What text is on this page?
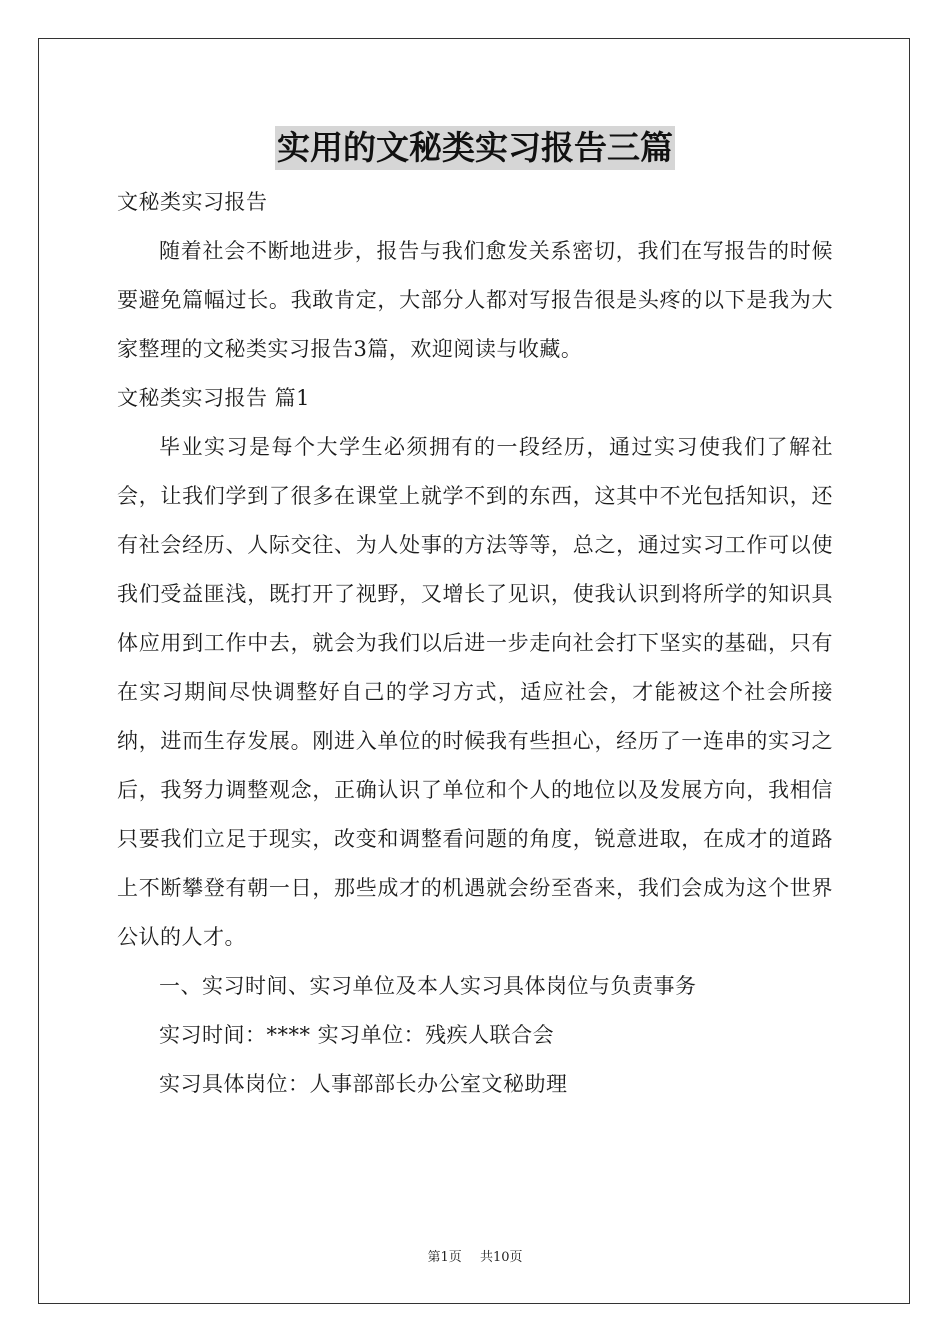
实用的文秘类实习报告三篇

文秘类实习报告

随着社会不断地进步，报告与我们愈发关系密切，我们在写报告的时候要避免篇幅过长。我敢肯定，大部分人都对写报告很是头疼的以下是我为大家整理的文秘类实习报告3篇，欢迎阅读与收藏。

文秘类实习报告 篇1

毕业实习是每个大学生必须拥有的一段经历，通过实习使我们了解社会，让我们学到了很多在课堂上就学不到的东西，这其中不光包括知识，还有社会经历、人际交往、为人处事的方法等等，总之，通过实习工作可以使我们受益匪浅，既打开了视野，又增长了见识，使我认识到将所学的知识具体应用到工作中去，就会为我们以后进一步走向社会打下坚实的基础，只有在实习期间尽快调整好自己的学习方式，适应社会，才能被这个社会所接纳，进而生存发展。刚进入单位的时候我有些担心，经历了一连串的实习之后，我努力调整观念，正确认识了单位和个人的地位以及发展方向，我相信只要我们立足于现实，改变和调整看问题的角度，锐意进取，在成才的道路上不断攀登有朝一日，那些成才的机遇就会纷至沓来，我们会成为这个世界公认的人才。

一、实习时间、实习单位及本人实习具体岗位与负责事务

实习时间：**** 实习单位：残疾人联合会

实习具体岗位：人事部部长办公室文秘助理

第1页 共10页
